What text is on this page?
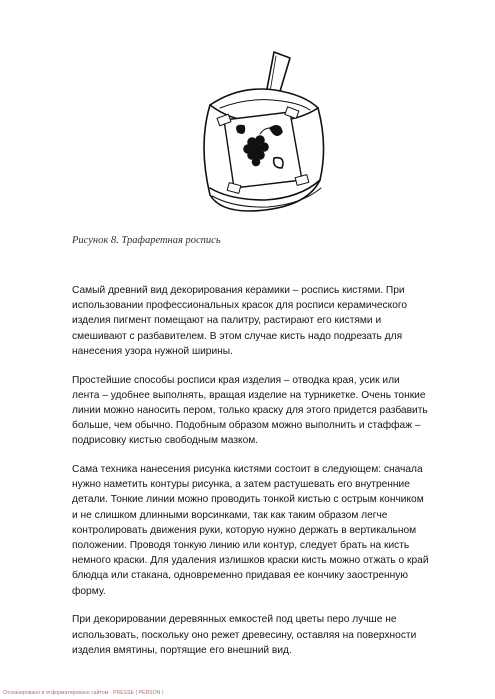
Рисунок 8. Трафаретная роспись

Самый древний вид декорирования керамики – роспись кистями. При использовании профессиональных красок для росписи керамического изделия пигмент помещают на палитру, растирают его кистями и смешивают с разбавителем. В этом случае кисть надо подрезать для нанесения узора нужной ширины.

Простейшие способы росписи края изделия – отводка края, усик или лента – удобнее выполнять, вращая изделие на турникетке. Очень тонкие линии можно наносить пером, только краску для этого придется разбавить больше, чем обычно. Подобным образом можно выполнить и стаффаж – подрисовку кистью свободным мазком.

Сама техника нанесения рисунка кистями состоит в следующем: сначала нужно наметить контуры рисунка, а затем растушевать его внутренние детали. Тонкие линии можно проводить тонкой кистью с острым кончиком и не слишком длинными ворсинками, так как таким образом легче контролировать движения руки, которую нужно держать в вертикальном положении. Проводя тонкую линию или контур, следует брать на кисть немного краски. Для удаления излишков краски кисть можно отжать о край блюдца или стакана, одновременно придавая ее кончику заостренную форму.

При декорировании деревянных емкостей под цветы перо лучше не использовать, поскольку оно режет древесину, оставляя на поверхности изделия вмятины, портящие его внешний вид.

Отсканировано и отформатировано сайтом · PRESSE ( PERSON )
